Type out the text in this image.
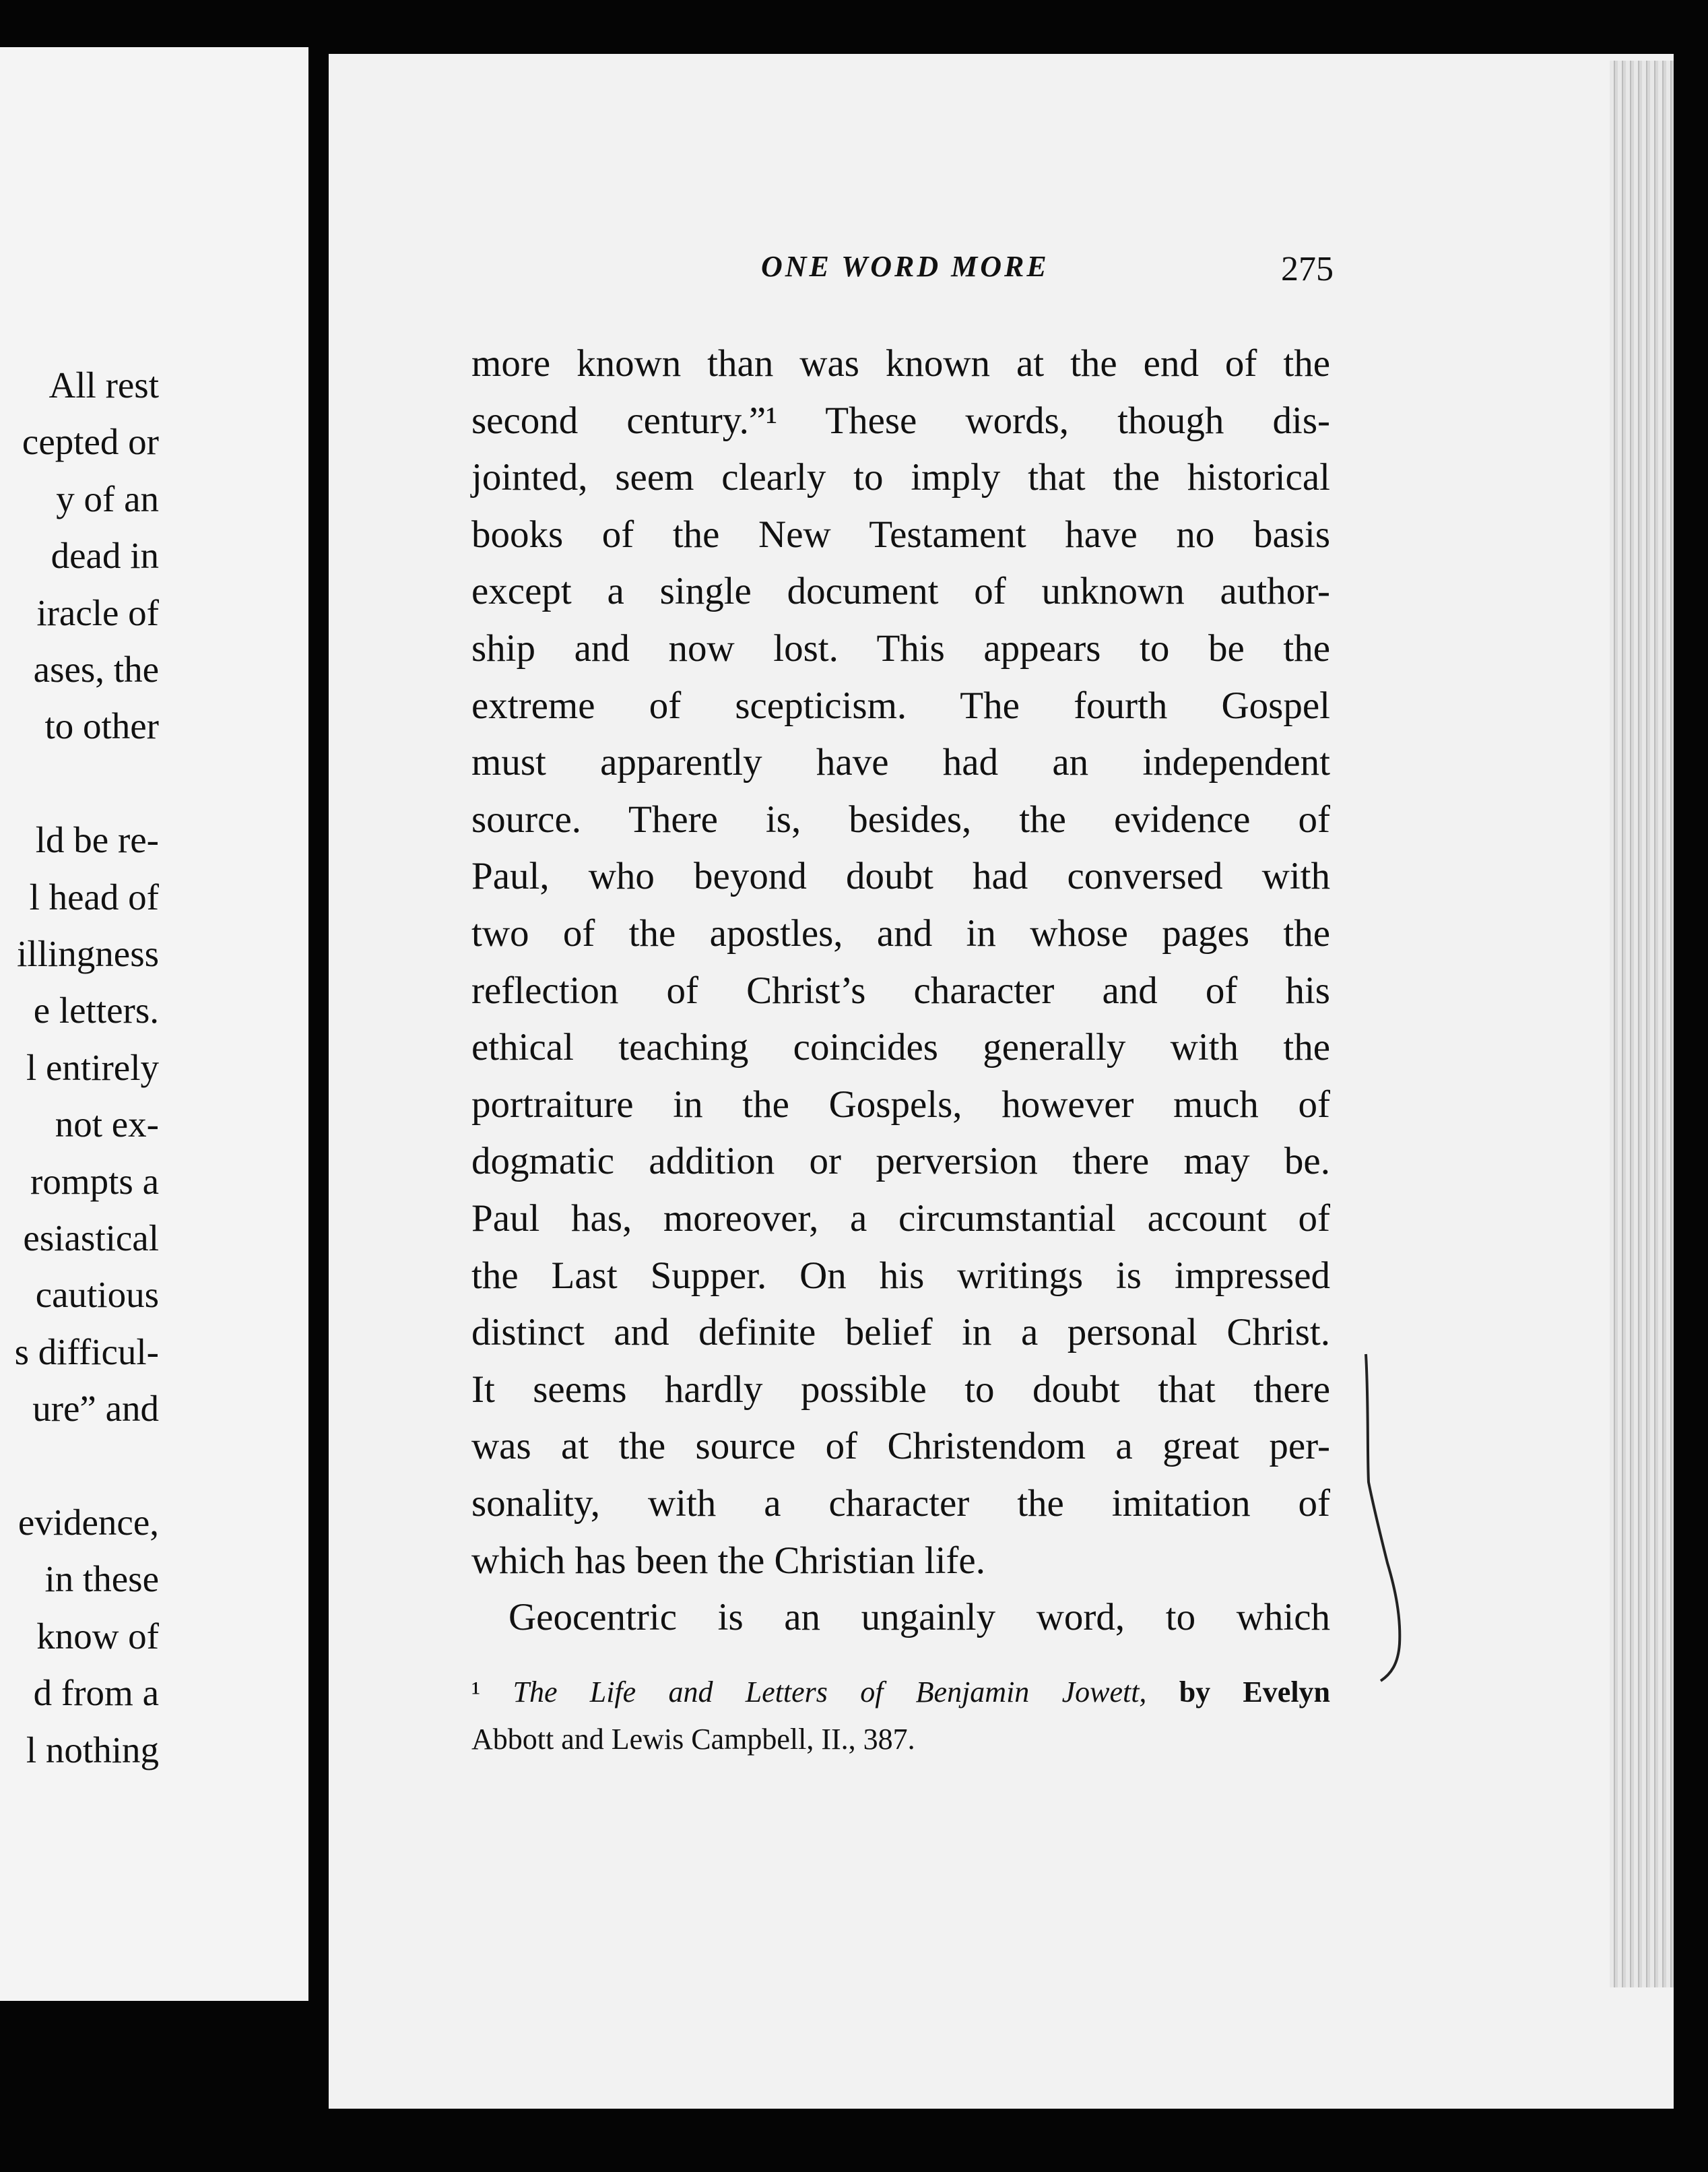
All rest
cepted or
y of an
dead in
iracle of
ases, the
to other
ld be re-
l head of
illingness
e letters.
l entirely
not ex-
rompts a
esiastical
cautious
s difficul-
ure” and
evidence,
in these
know of
d from a
l nothing
ONE WORD MORE	275
more known than was known at the end of the
second century.”¹ These words, though dis-
jointed, seem clearly to imply that the historical
books of the New Testament have no basis
except a single document of unknown author-
ship and now lost. This appears to be the
extreme of scepticism. The fourth Gospel
must apparently have had an independent
source. There is, besides, the evidence of
Paul, who beyond doubt had conversed with
two of the apostles, and in whose pages the
reflection of Christ’s character and of his
ethical teaching coincides generally with the
portraiture in the Gospels, however much of
dogmatic addition or perversion there may be.
Paul has, moreover, a circumstantial account of
the Last Supper. On his writings is impressed
distinct and definite belief in a personal Christ.
It seems hardly possible to doubt that there
was at the source of Christendom a great per-
sonality, with a character the imitation of
which has been the Christian life.
Geocentric is an ungainly word, to which
¹ The Life and Letters of Benjamin Jowett, by Evelyn
Abbott and Lewis Campbell, II., 387.
